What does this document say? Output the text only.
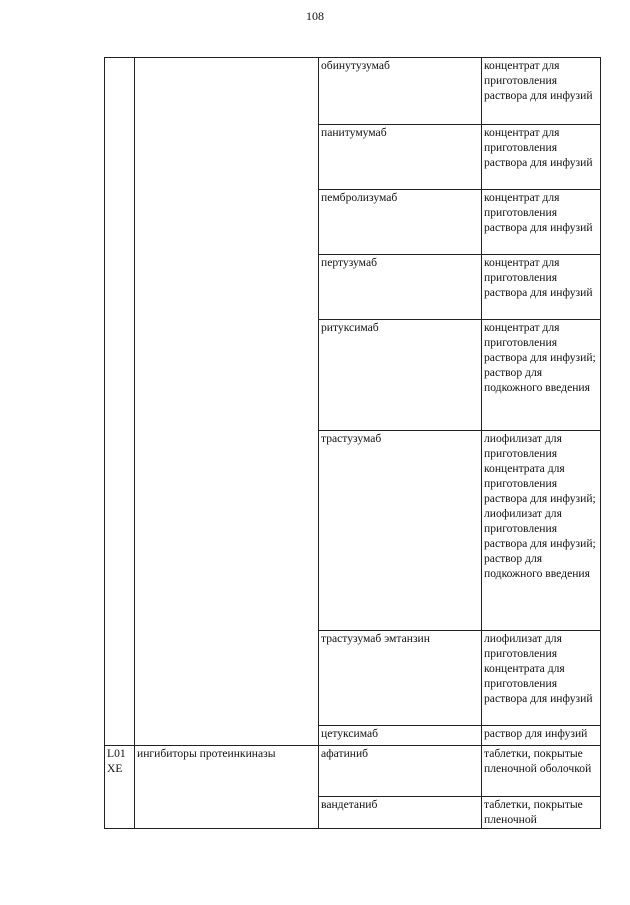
108
		обинутузумаб	концентрат для приготовления раствора для инфузий
		панитумумаб	концентрат для приготовления раствора для инфузий
		пембролизумаб	концентрат для приготовления раствора для инфузий
		пертузумаб	концентрат для приготовления раствора для инфузий
		ритуксимаб	концентрат для приготовления раствора для инфузий; раствор для подкожного введения
		трастузумаб	лиофилизат для приготовления концентрата для приготовления раствора для инфузий; лиофилизат для приготовления раствора для инфузий; раствор для подкожного введения
		трастузумаб эмтанзин	лиофилизат для приготовления концентрата для приготовления раствора для инфузий
		цетуксимаб	раствор для инфузий
L01XE	ингибиторы протеинкиназы	афатиниб	таблетки, покрытые пленочной оболочкой
		вандетаниб	таблетки, покрытые пленочной
